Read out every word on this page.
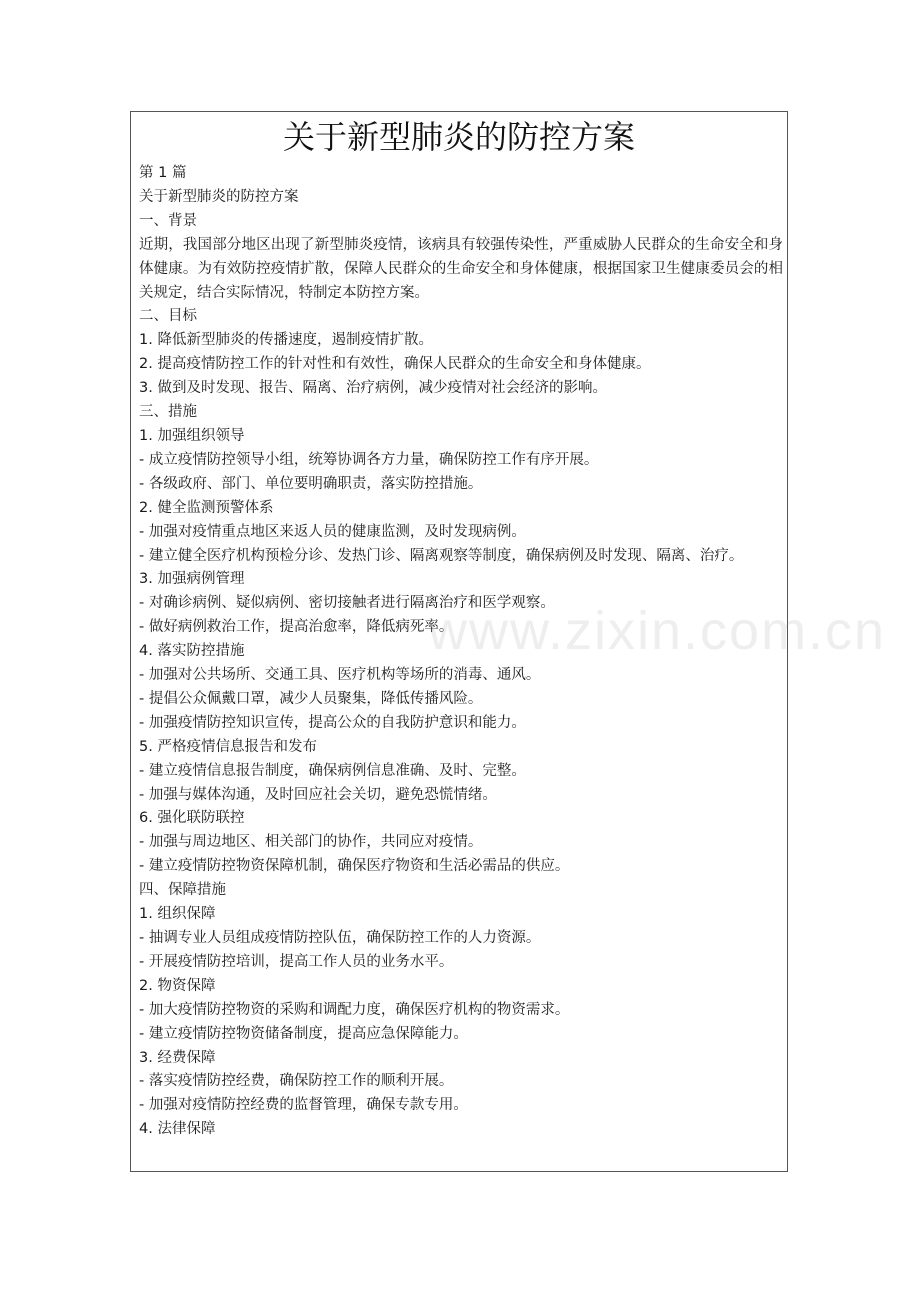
关于新型肺炎的防控方案
第 1 篇
关于新型肺炎的防控方案
一、背景
近期，我国部分地区出现了新型肺炎疫情，该病具有较强传染性，严重威胁人民群众的生命安全和身体健康。为有效防控疫情扩散，保障人民群众的生命安全和身体健康，根据国家卫生健康委员会的相关规定，结合实际情况，特制定本防控方案。
二、目标
1. 降低新型肺炎的传播速度，遏制疫情扩散。
2. 提高疫情防控工作的针对性和有效性，确保人民群众的生命安全和身体健康。
3. 做到及时发现、报告、隔离、治疗病例，减少疫情对社会经济的影响。
三、措施
1. 加强组织领导
- 成立疫情防控领导小组，统筹协调各方力量，确保防控工作有序开展。
- 各级政府、部门、单位要明确职责，落实防控措施。
2. 健全监测预警体系
- 加强对疫情重点地区来返人员的健康监测，及时发现病例。
- 建立健全医疗机构预检分诊、发热门诊、隔离观察等制度，确保病例及时发现、隔离、治疗。
3. 加强病例管理
- 对确诊病例、疑似病例、密切接触者进行隔离治疗和医学观察。
- 做好病例救治工作，提高治愈率，降低病死率。
4. 落实防控措施
- 加强对公共场所、交通工具、医疗机构等场所的消毒、通风。
- 提倡公众佩戴口罩，减少人员聚集，降低传播风险。
- 加强疫情防控知识宣传，提高公众的自我防护意识和能力。
5. 严格疫情信息报告和发布
- 建立疫情信息报告制度，确保病例信息准确、及时、完整。
- 加强与媒体沟通，及时回应社会关切，避免恐慌情绪。
6. 强化联防联控
- 加强与周边地区、相关部门的协作，共同应对疫情。
- 建立疫情防控物资保障机制，确保医疗物资和生活必需品的供应。
四、保障措施
1. 组织保障
- 抽调专业人员组成疫情防控队伍，确保防控工作的人力资源。
- 开展疫情防控培训，提高工作人员的业务水平。
2. 物资保障
- 加大疫情防控物资的采购和调配力度，确保医疗机构的物资需求。
- 建立疫情防控物资储备制度，提高应急保障能力。
3. 经费保障
- 落实疫情防控经费，确保防控工作的顺利开展。
- 加强对疫情防控经费的监督管理，确保专款专用。
4. 法律保障
www.zixin.com.cn
